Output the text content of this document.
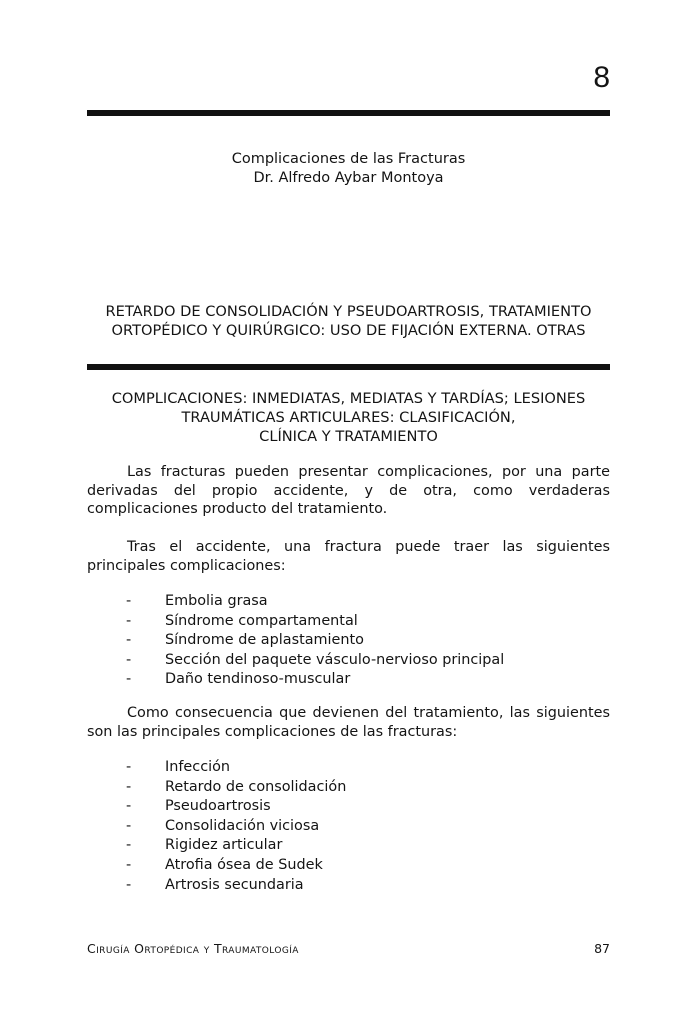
8
Complicaciones de las Fracturas
Dr. Alfredo Aybar Montoya
RETARDO DE CONSOLIDACIÓN Y PSEUDOARTROSIS, TRATAMIENTO
ORTOPÉDICO Y QUIRÚRGICO: USO DE FIJACIÓN EXTERNA. OTRAS
COMPLICACIONES: INMEDIATAS, MEDIATAS Y TARDÍAS; LESIONES
TRAUMÁTICAS ARTICULARES: CLASIFICACIÓN,
CLÍNICA Y TRATAMIENTO
Las fracturas pueden presentar complicaciones, por una parte derivadas del propio accidente, y de otra, como verdaderas complicaciones producto del tratamiento.
Tras el accidente, una fractura puede traer las siguientes principales complicaciones:
- Embolia grasa
- Síndrome compartamental
- Síndrome de aplastamiento
- Sección del paquete vásculo-nervioso principal
- Daño tendinoso-muscular
Como consecuencia que devienen del tratamiento, las siguientes son las principales complicaciones de las fracturas:
- Infección
- Retardo de consolidación
- Pseudoartrosis
- Consolidación viciosa
- Rigidez articular
- Atrofia ósea de Sudek
- Artrosis secundaria
Cirugía Ortopédica y Traumatología	87
